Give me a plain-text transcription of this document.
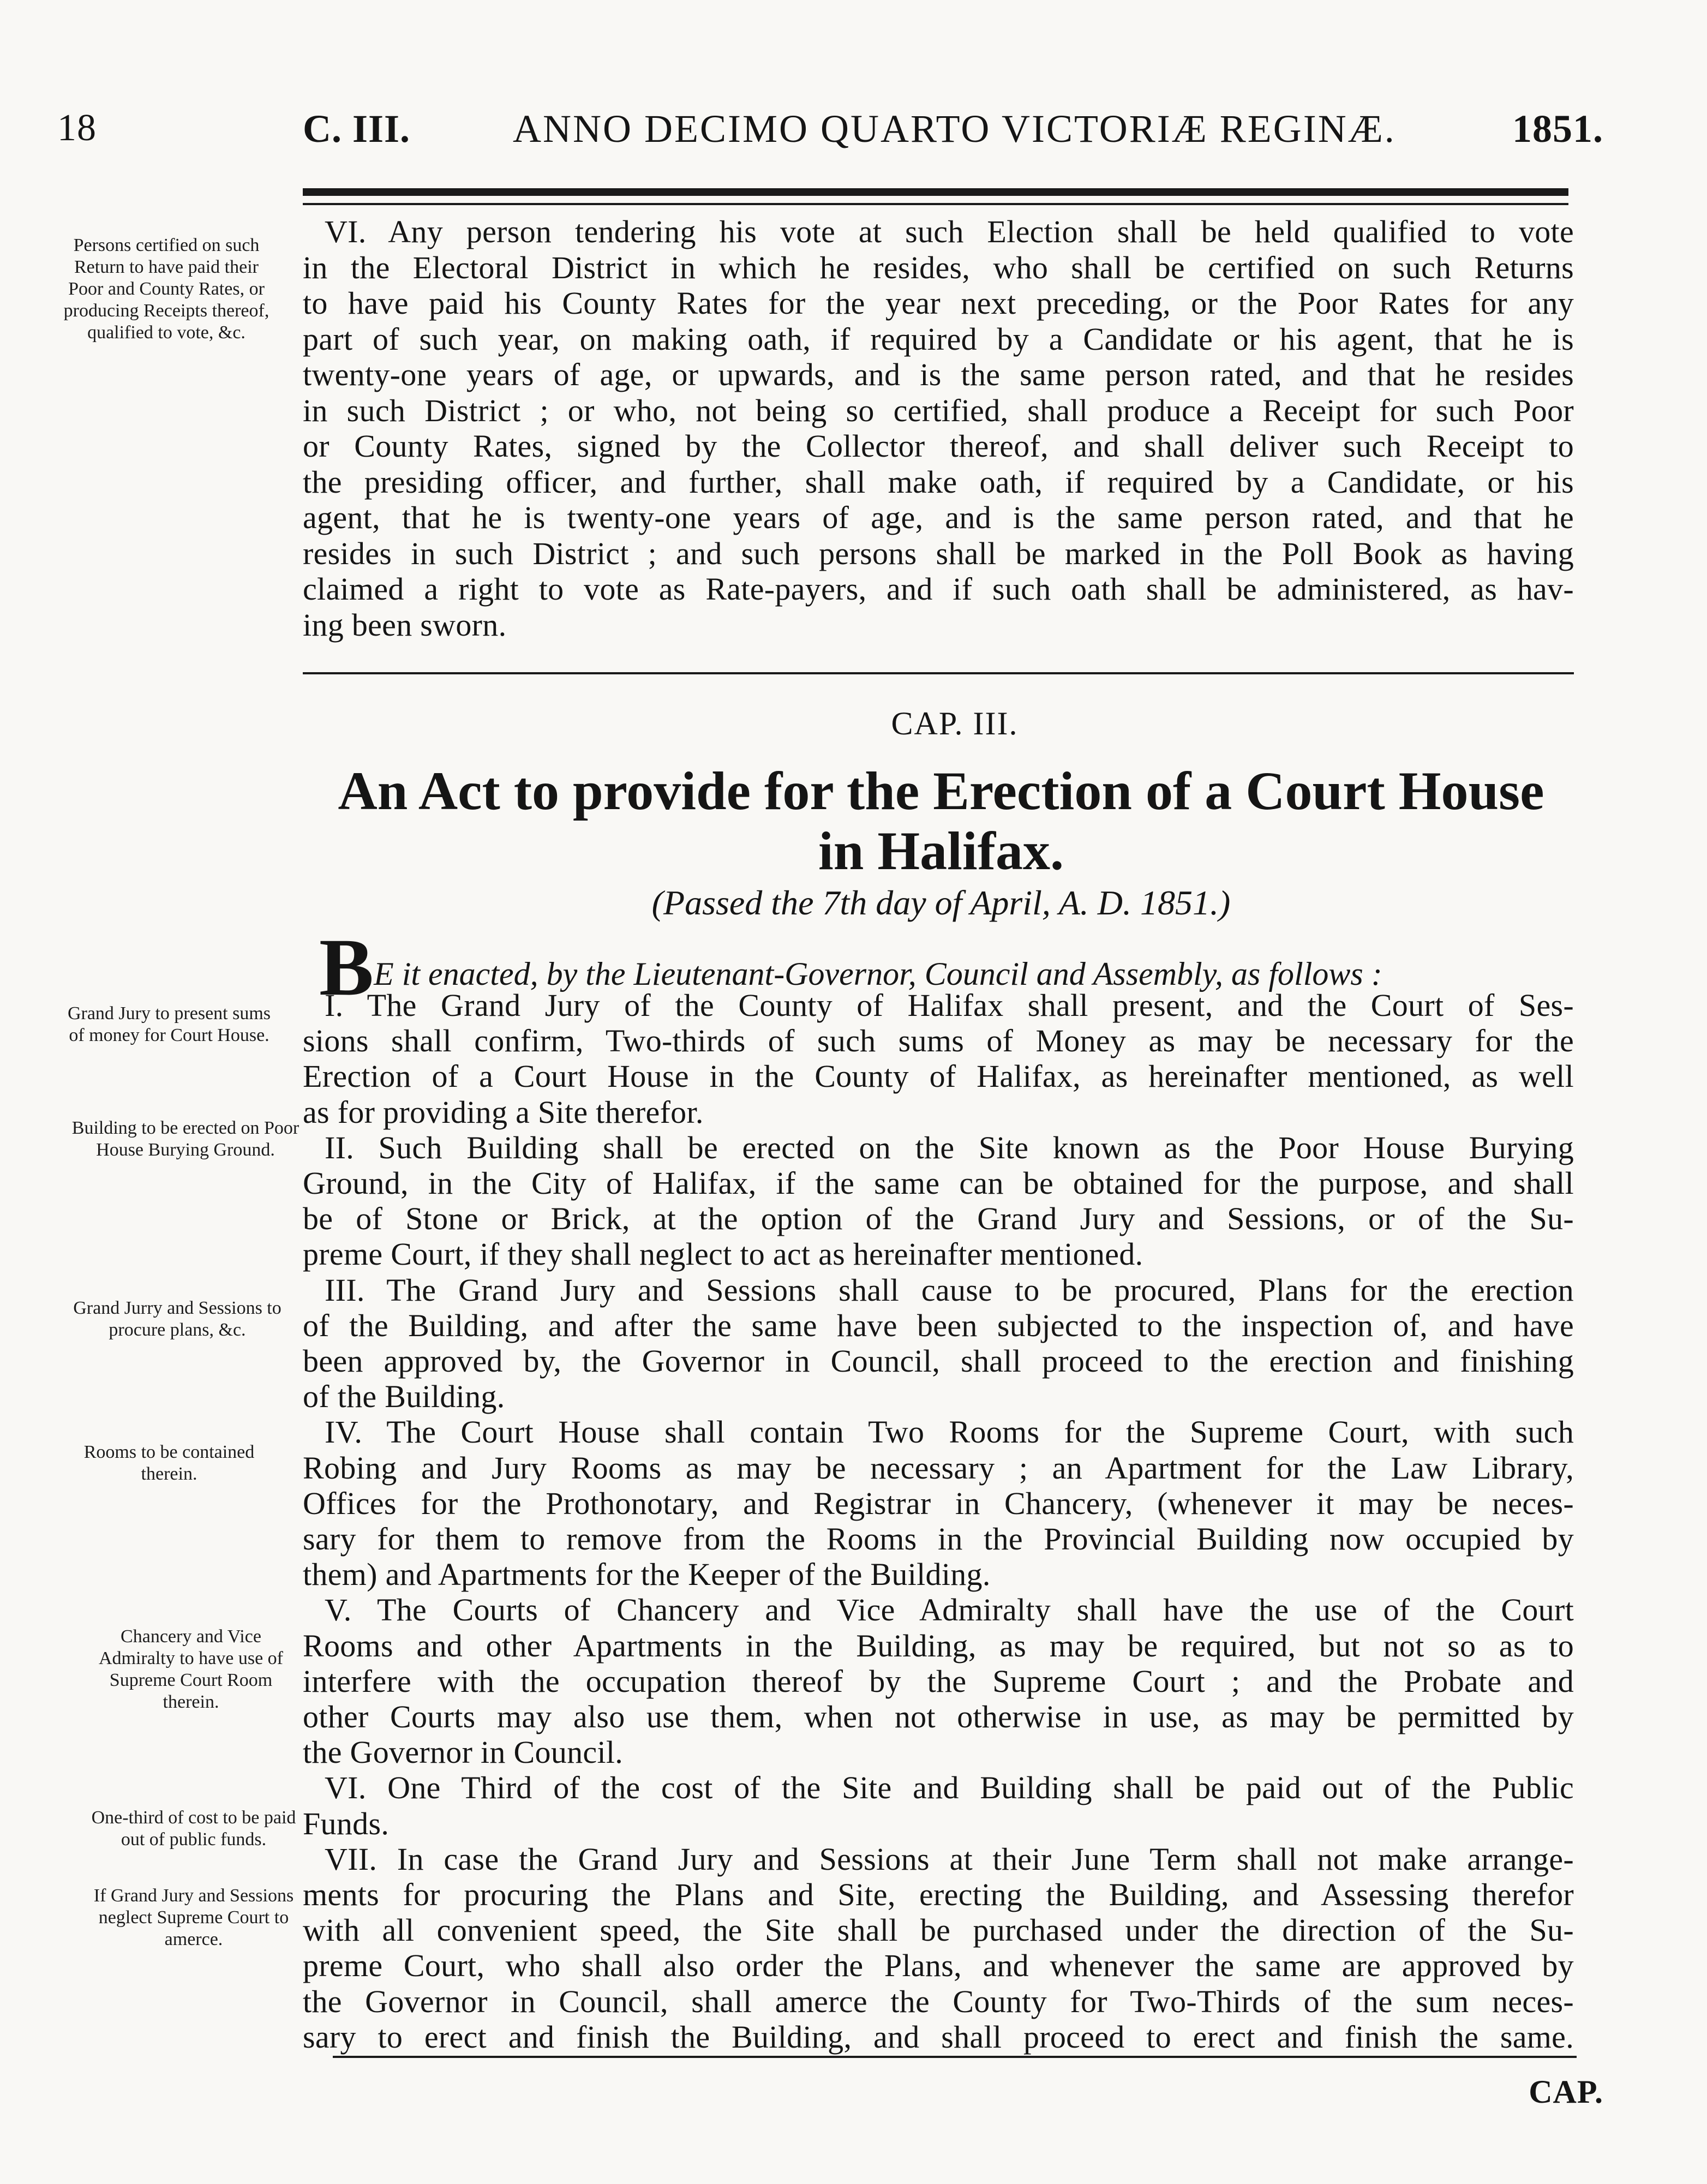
18	C. III.	ANNO DECIMO QUARTO VICTORIÆ REGINÆ.	1851.
Persons certified on such Return to have paid their Poor and County Rates, or producing Receipts thereof, qualified to vote, &c.
VI. Any person tendering his vote at such Election shall be held qualified to vote
in the Electoral District in which he resides, who shall be certified on such Returns
to have paid his County Rates for the year next preceding, or the Poor Rates for any
part of such year, on making oath, if required by a Candidate or his agent, that he is
twenty-one years of age, or upwards, and is the same person rated, and that he resides
in such District ; or who, not being so certified, shall produce a Receipt for such Poor
or County Rates, signed by the Collector thereof, and shall deliver such Receipt to
the presiding officer, and further, shall make oath, if required by a Candidate, or his
agent, that he is twenty-one years of age, and is the same person rated, and that he
resides in such District ; and such persons shall be marked in the Poll Book as having
claimed a right to vote as Rate-payers, and if such oath shall be administered, as hav-
ing been sworn.
CAP. III.
An Act to provide for the Erection of a Court House
in Halifax.
(Passed the 7th day of April, A. D. 1851.)
BE it enacted, by the Lieutenant-Governor, Council and Assembly, as follows :
Grand Jury to present sums of money for Court House.
Building to be erected on Poor House Burying Ground.
Grand Jurry and Sessions to procure plans, &c.
Rooms to be contained therein.
Chancery and Vice Admiralty to have use of Supreme Court Room therein.
One-third of cost to be paid out of public funds.
If Grand Jury and Sessions neglect Supreme Court to amerce.
I. The Grand Jury of the County of Halifax shall present, and the Court of Ses-
sions shall confirm, Two-thirds of such sums of Money as may be necessary for the
Erection of a Court House in the County of Halifax, as hereinafter mentioned, as well
as for providing a Site therefor.
II. Such Building shall be erected on the Site known as the Poor House Burying
Ground, in the City of Halifax, if the same can be obtained for the purpose, and shall
be of Stone or Brick, at the option of the Grand Jury and Sessions, or of the Su-
preme Court, if they shall neglect to act as hereinafter mentioned.
III. The Grand Jury and Sessions shall cause to be procured, Plans for the erection
of the Building, and after the same have been subjected to the inspection of, and have
been approved by, the Governor in Council, shall proceed to the erection and finishing
of the Building.
IV. The Court House shall contain Two Rooms for the Supreme Court, with such
Robing and Jury Rooms as may be necessary ; an Apartment for the Law Library,
Offices for the Prothonotary, and Registrar in Chancery, (whenever it may be neces-
sary for them to remove from the Rooms in the Provincial Building now occupied by
them) and Apartments for the Keeper of the Building.
V. The Courts of Chancery and Vice Admiralty shall have the use of the Court
Rooms and other Apartments in the Building, as may be required, but not so as to
interfere with the occupation thereof by the Supreme Court ; and the Probate and
other Courts may also use them, when not otherwise in use, as may be permitted by
the Governor in Council.
VI. One Third of the cost of the Site and Building shall be paid out of the Public
Funds.
VII. In case the Grand Jury and Sessions at their June Term shall not make arrange-
ments for procuring the Plans and Site, erecting the Building, and Assessing therefor
with all convenient speed, the Site shall be purchased under the direction of the Su-
preme Court, who shall also order the Plans, and whenever the same are approved by
the Governor in Council, shall amerce the County for Two-Thirds of the sum neces-
sary to erect and finish the Building, and shall proceed to erect and finish the same.
CAP.
